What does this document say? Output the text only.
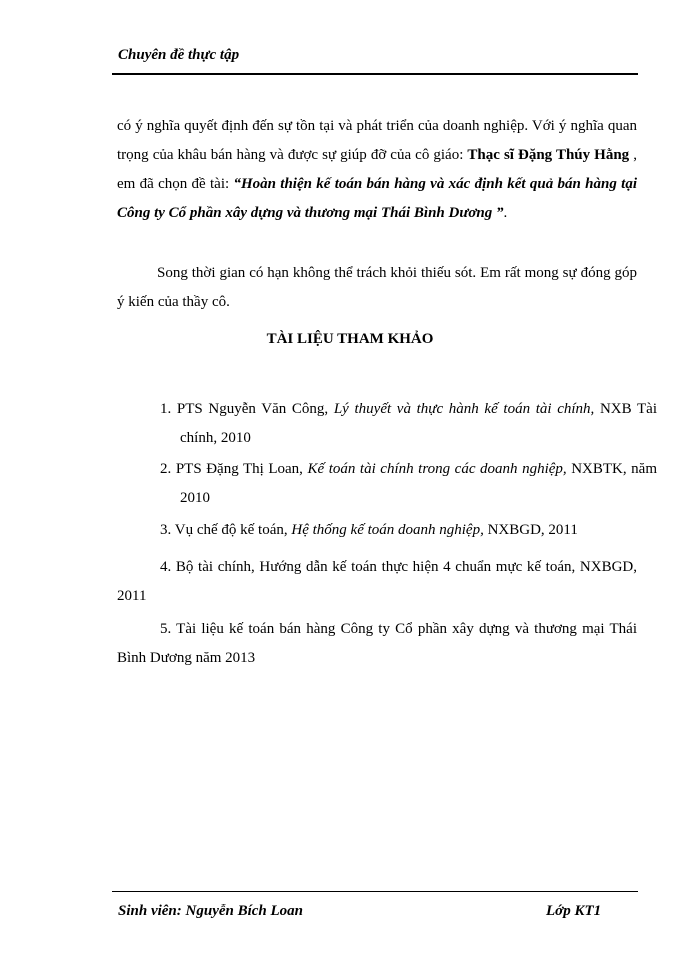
Chuyên đề thực tập
có ý nghĩa quyết định đến sự tồn tại và phát triển của doanh nghiệp. Với ý nghĩa quan trọng của khâu bán hàng và được sự giúp đỡ của cô giáo: Thạc sĩ Đặng Thúy Hằng , em đã chọn đề tài: “Hoàn thiện kế toán bán hàng và xác định kết quả bán hàng tại Công ty Cổ phần xây dựng và thương mại Thái Bình Dương ”.
Song thời gian có hạn không thể trách khỏi thiếu sót. Em rất mong sự đóng góp ý kiến của thầy cô.
TÀI LIỆU THAM KHẢO
1. PTS Nguyễn Văn Công, Lý thuyết và thực hành kế toán tài chính, NXB Tài chính, 2010
2. PTS Đặng Thị Loan, Kế toán tài chính trong các doanh nghiệp, NXBTK, năm 2010
3. Vụ chế độ kế toán, Hệ thống kế toán doanh nghiệp, NXBGD, 2011
4. Bộ tài chính, Hướng dẫn kế toán thực hiện 4 chuẩn mực kế toán, NXBGD, 2011
5. Tài liệu kế toán bán hàng Công ty Cổ phần xây dựng và thương mại Thái Bình Dương năm 2013
Sinh viên: Nguyễn Bích Loan	Lớp KT1
